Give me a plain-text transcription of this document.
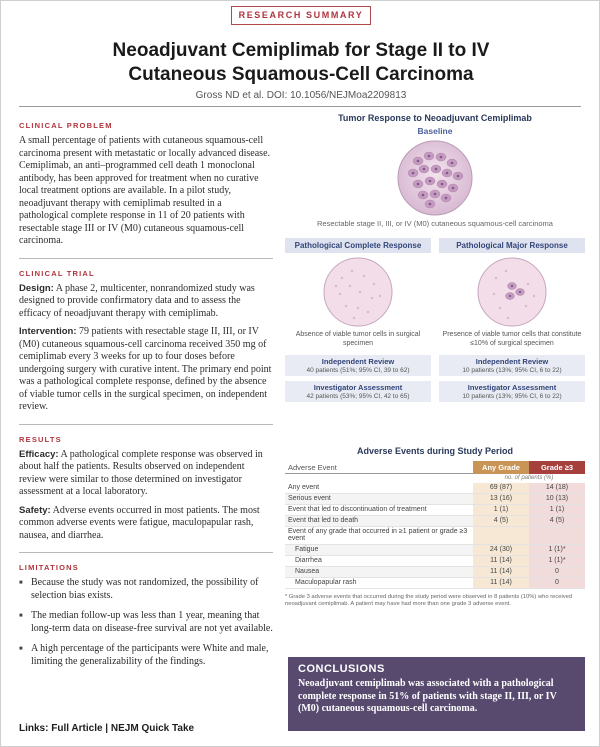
RESEARCH SUMMARY
Neoadjuvant Cemiplimab for Stage II to IV
Cutaneous Squamous-Cell Carcinoma
Gross ND et al. DOI: 10.1056/NEJMoa2209813
CLINICAL PROBLEM
A small percentage of patients with cutaneous squamous-cell carcinoma present with metastatic or locally advanced disease. Cemiplimab, an anti–programmed cell death 1 monoclonal antibody, has been approved for treatment when no curative local treatment options are available. In a pilot study, neoadjuvant therapy with cemiplimab resulted in a pathological complete response in 11 of 20 patients with resectable stage III or IV (M0) cutaneous squamous-cell carcinoma.
CLINICAL TRIAL
Design: A phase 2, multicenter, nonrandomized study was designed to provide confirmatory data and to assess the efficacy of neoadjuvant therapy with cemiplimab.
Intervention: 79 patients with resectable stage II, III, or IV (M0) cutaneous squamous-cell carcinoma received 350 mg of cemiplimab every 3 weeks for up to four doses before undergoing surgery with curative intent. The primary end point was a pathological complete response, defined by the absence of viable tumor cells in the surgical specimen, on independent review.
RESULTS
Efficacy: A pathological complete response was observed in about half the patients. Results observed on independent review were similar to those determined on investigator assessment at a local laboratory.
Safety: Adverse events occurred in most patients. The most common adverse events were fatigue, maculopapular rash, nausea, and diarrhea.
LIMITATIONS
■ Because the study was not randomized, the possibility of selection bias exists.
■ The median follow-up was less than 1 year, meaning that long-term data on disease-free survival are not yet available.
■ A high percentage of the participants were White and male, limiting the generalizability of the findings.
Links: Full Article | NEJM Quick Take
Tumor Response to Neoadjuvant Cemiplimab
Baseline
Resectable stage II, III, or IV (M0) cutaneous squamous-cell carcinoma
Pathological Complete Response
Absence of viable tumor cells in surgical specimen
Independent Review
40 patients (51%; 95% CI, 39 to 62)
Investigator Assessment
42 patients (53%; 95% CI, 42 to 65)
Pathological Major Response
Presence of viable tumor cells that constitute ≤10% of surgical specimen
Independent Review
10 patients (13%; 95% CI, 6 to 22)
Investigator Assessment
10 patients (13%; 95% CI, 6 to 22)
Adverse Events during Study Period
Adverse Event	Any Grade	Grade ≥3
	no. of patients (%)	
Any event	69 (87)	14 (18)
Serious event	13 (16)	10 (13)
Event that led to discontinuation of treatment	1 (1)	1 (1)
Event that led to death	4 (5)	4 (5)
Event of any grade that occurred in ≥1 patient or grade ≥3 event		
Fatigue	24 (30)	1 (1)*
Diarrhea	11 (14)	1 (1)*
Nausea	11 (14)	0
Maculopapular rash	11 (14)	0
* Grade 3 adverse events that occurred during the study period were observed in 8 patients (10%) who received neoadjuvant cemiplimab. A patient may have had more than one grade 3 adverse event.
CONCLUSIONS
Neoadjuvant cemiplimab was associated with a pathological complete response in 51% of patients with stage II, III, or IV (M0) cutaneous squamous-cell carcinoma.
